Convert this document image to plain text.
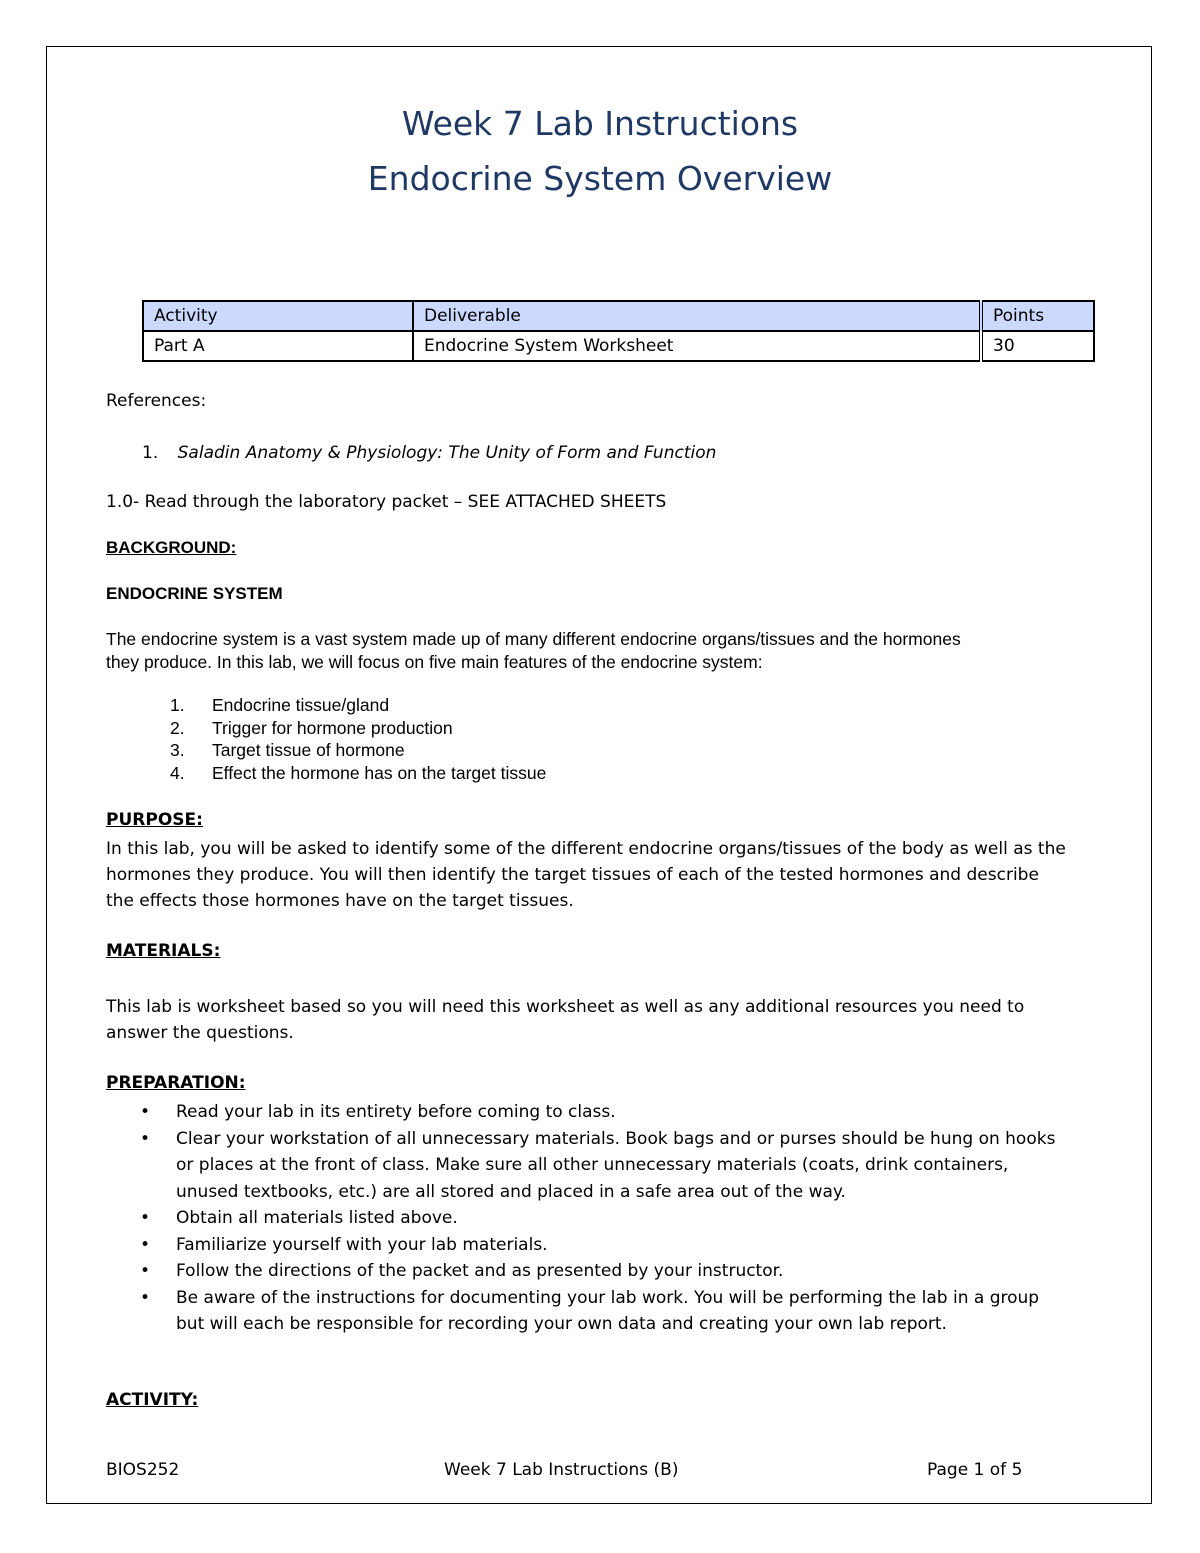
Week 7 Lab Instructions
Endocrine System Overview
Activity	Deliverable	Points
Part A	Endocrine System Worksheet	30
References:
1. Saladin Anatomy & Physiology: The Unity of Form and Function
1.0- Read through the laboratory packet – SEE ATTACHED SHEETS
BACKGROUND:
ENDOCRINE SYSTEM
The endocrine system is a vast system made up of many different endocrine organs/tissues and the hormones
they produce. In this lab, we will focus on five main features of the endocrine system:
1. Endocrine tissue/gland
2. Trigger for hormone production
3. Target tissue of hormone
4. Effect the hormone has on the target tissue
PURPOSE:
In this lab, you will be asked to identify some of the different endocrine organs/tissues of the body as well as the
hormones they produce. You will then identify the target tissues of each of the tested hormones and describe
the effects those hormones have on the target tissues.
MATERIALS:
This lab is worksheet based so you will need this worksheet as well as any additional resources you need to
answer the questions.
PREPARATION:
• Read your lab in its entirety before coming to class.
• Clear your workstation of all unnecessary materials. Book bags and or purses should be hung on hooks
or places at the front of class. Make sure all other unnecessary materials (coats, drink containers,
unused textbooks, etc.) are all stored and placed in a safe area out of the way.
• Obtain all materials listed above.
• Familiarize yourself with your lab materials.
• Follow the directions of the packet and as presented by your instructor.
• Be aware of the instructions for documenting your lab work. You will be performing the lab in a group
but will each be responsible for recording your own data and creating your own lab report.
ACTIVITY:
BIOS252	Week 7 Lab Instructions (B)	Page 1 of 5
